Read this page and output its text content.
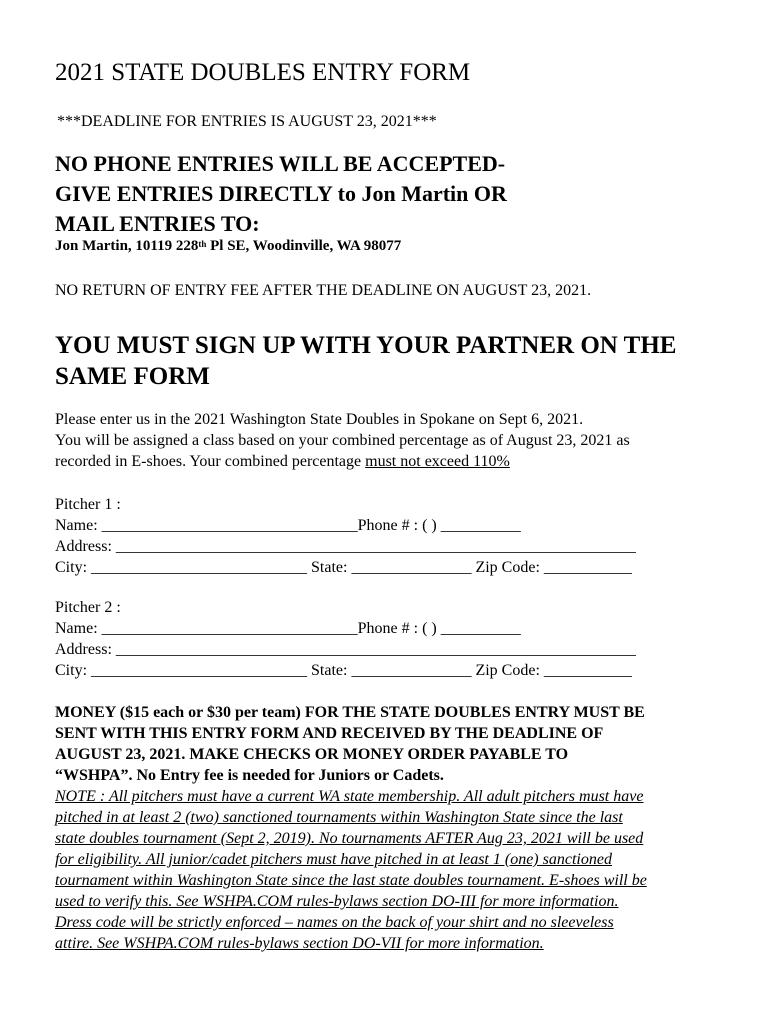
2021 STATE DOUBLES ENTRY FORM

***DEADLINE FOR ENTRIES IS AUGUST 23, 2021***

NO PHONE ENTRIES WILL BE ACCEPTED-
GIVE ENTRIES DIRECTLY to Jon Martin OR
MAIL ENTRIES TO:

Jon Martin, 10119 228th Pl SE, Woodinville, WA 98077

NO RETURN OF ENTRY FEE AFTER THE DEADLINE ON AUGUST 23, 2021.

YOU MUST SIGN UP WITH YOUR PARTNER ON THE
SAME FORM
Please enter us in the 2021 Washington State Doubles in Spokane on Sept 6, 2021.
You will be assigned a class based on your combined percentage as of August 23, 2021 as
recorded in E-shoes. Your combined percentage must not exceed 110%
Pitcher 1 :
Name: ________________________________Phone # : ( ) __________
Address: _________________________________________________________________
City: ___________________________ State: _______________ Zip Code: ___________
Pitcher 2 :
Name: ________________________________Phone # : ( ) __________
Address: _________________________________________________________________
City: ___________________________ State: _______________ Zip Code: ___________
MONEY ($15 each or $30 per team) FOR THE STATE DOUBLES ENTRY MUST BE
SENT WITH THIS ENTRY FORM AND RECEIVED BY THE DEADLINE OF
AUGUST 23, 2021. MAKE CHECKS OR MONEY ORDER PAYABLE TO
“WSHPA”. No Entry fee is needed for Juniors or Cadets.
NOTE : All pitchers must have a current WA state membership. All adult pitchers must have
pitched in at least 2 (two) sanctioned tournaments within Washington State since the last
state doubles tournament (Sept 2, 2019). No tournaments AFTER Aug 23, 2021 will be used
for eligibility. All junior/cadet pitchers must have pitched in at least 1 (one) sanctioned
tournament within Washington State since the last state doubles tournament. E-shoes will be
used to verify this. See WSHPA.COM rules-bylaws section DO-III for more information.
Dress code will be strictly enforced – names on the back of your shirt and no sleeveless
attire. See WSHPA.COM rules-bylaws section DO-VII for more information.
